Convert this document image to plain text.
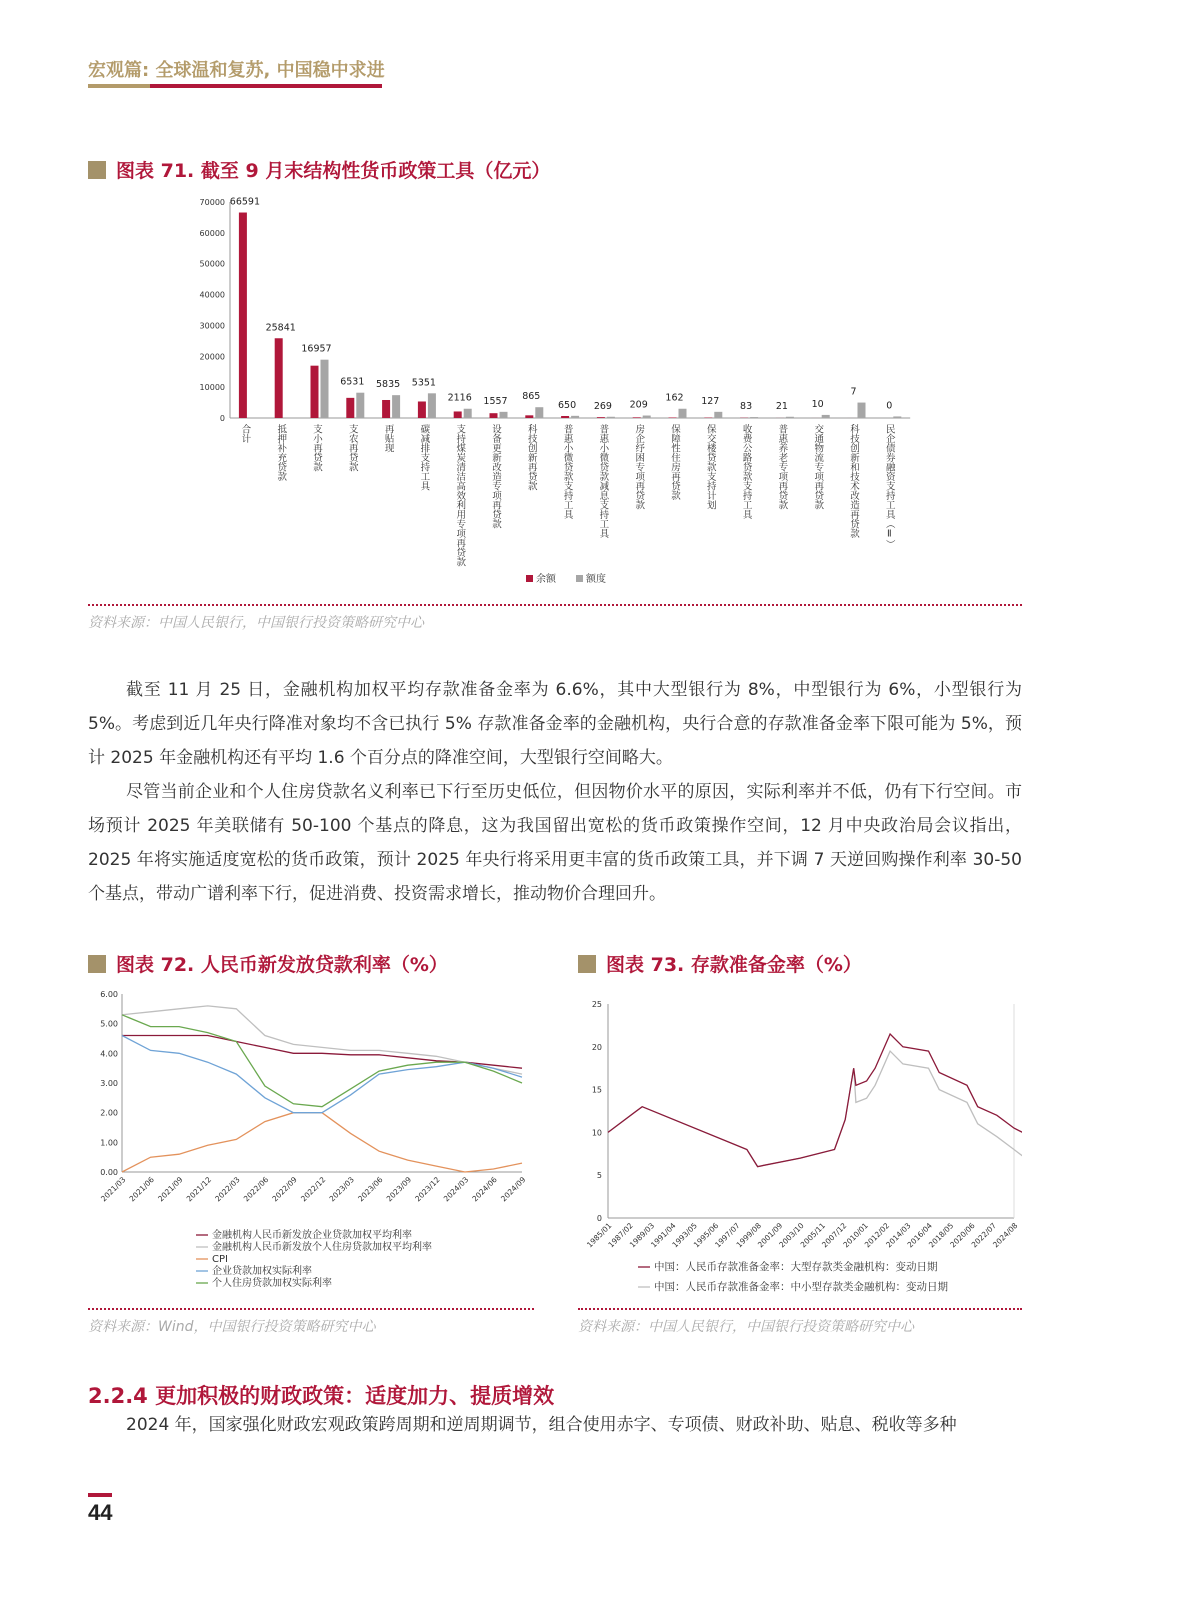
宏观篇: 全球温和复苏, 中国稳中求进
图表 71. 截至 9 月末结构性货币政策工具（亿元）
0
10000
20000
30000
40000
50000
60000
70000 66591
合计
25841
抵押补充贷款
16957
支小再贷款
6531
支农再贷款
5835
再贴现
5351
碳减排支持工具
2116
支持煤炭清洁高效利用专项再贷款
1557
设备更新改造专项再贷款
865
科技创新再贷款
650
普惠小微贷款支持工具
269
普惠小微贷款减息支持工具
209
房企纾困专项再贷款
162
保障性住房再贷款
127
保交楼贷款支持计划
83
收费公路贷款支持工具
21
普惠养老专项再贷款
10
交通物流专项再贷款
7
科技创新和技术改造再贷款
0
民企债券融资支持工具（Ⅱ）
余额	额度
资料来源：中国人民银行，中国银行投资策略研究中心

截至 11 月 25 日，金融机构加权平均存款准备金率为 6.6%，其中大型银行为 8%，中型银行为 6%，小型银行为 5%。考虑到近几年央行降准对象均不含已执行 5% 存款准备金率的金融机构，央行合意的存款准备金率下限可能为 5%，预计 2025 年金融机构还有平均 1.6 个百分点的降准空间，大型银行空间略大。

尽管当前企业和个人住房贷款名义利率已下行至历史低位，但因物价水平的原因，实际利率并不低，仍有下行空间。市场预计 2025 年美联储有 50-100 个基点的降息，这为我国留出宽松的货币政策操作空间，12 月中央政治局会议指出，2025 年将实施适度宽松的货币政策，预计 2025 年央行将采用更丰富的货币政策工具，并下调 7 天逆回购操作利率 30-50 个基点，带动广谱利率下行，促进消费、投资需求增长，推动物价合理回升。

图表 72. 人民币新发放贷款利率（%）
0.00
1.00
2.00
3.00
4.00
5.00
6.00
2021/03 2021/06 2021/09 2021/12 2022/03 2022/06 2022/09 2022/12 2023/03 2023/06 2023/09 2023/12 2024/03 2024/06 2024/09
金融机构人民币新发放企业贷款加权平均利率
金融机构人民币新发放个人住房贷款加权平均利率
CPI
企业贷款加权实际利率
个人住房贷款加权实际利率
资料来源：Wind，中国银行投资策略研究中心
图表 73. 存款准备金率（%）
0
5
10
15
20
25
1985/01
1987/02
1989/03
1991/04
1993/05
1995/06
1997/07
1999/08
2001/09
2003/10
2005/11
2007/12
2010/01
2012/02
2014/03
2016/04
2018/05
2020/06
2022/07
2024/08
中国：人民币存款准备金率：大型存款类金融机构：变动日期
中国：人民币存款准备金率：中小型存款类金融机构：变动日期
资料来源：中国人民银行，中国银行投资策略研究中心
2.2.4 更加积极的财政政策：适度加力、提质增效

2024 年，国家强化财政宏观政策跨周期和逆周期调节，组合使用赤字、专项债、财政补助、贴息、税收等多种

44
